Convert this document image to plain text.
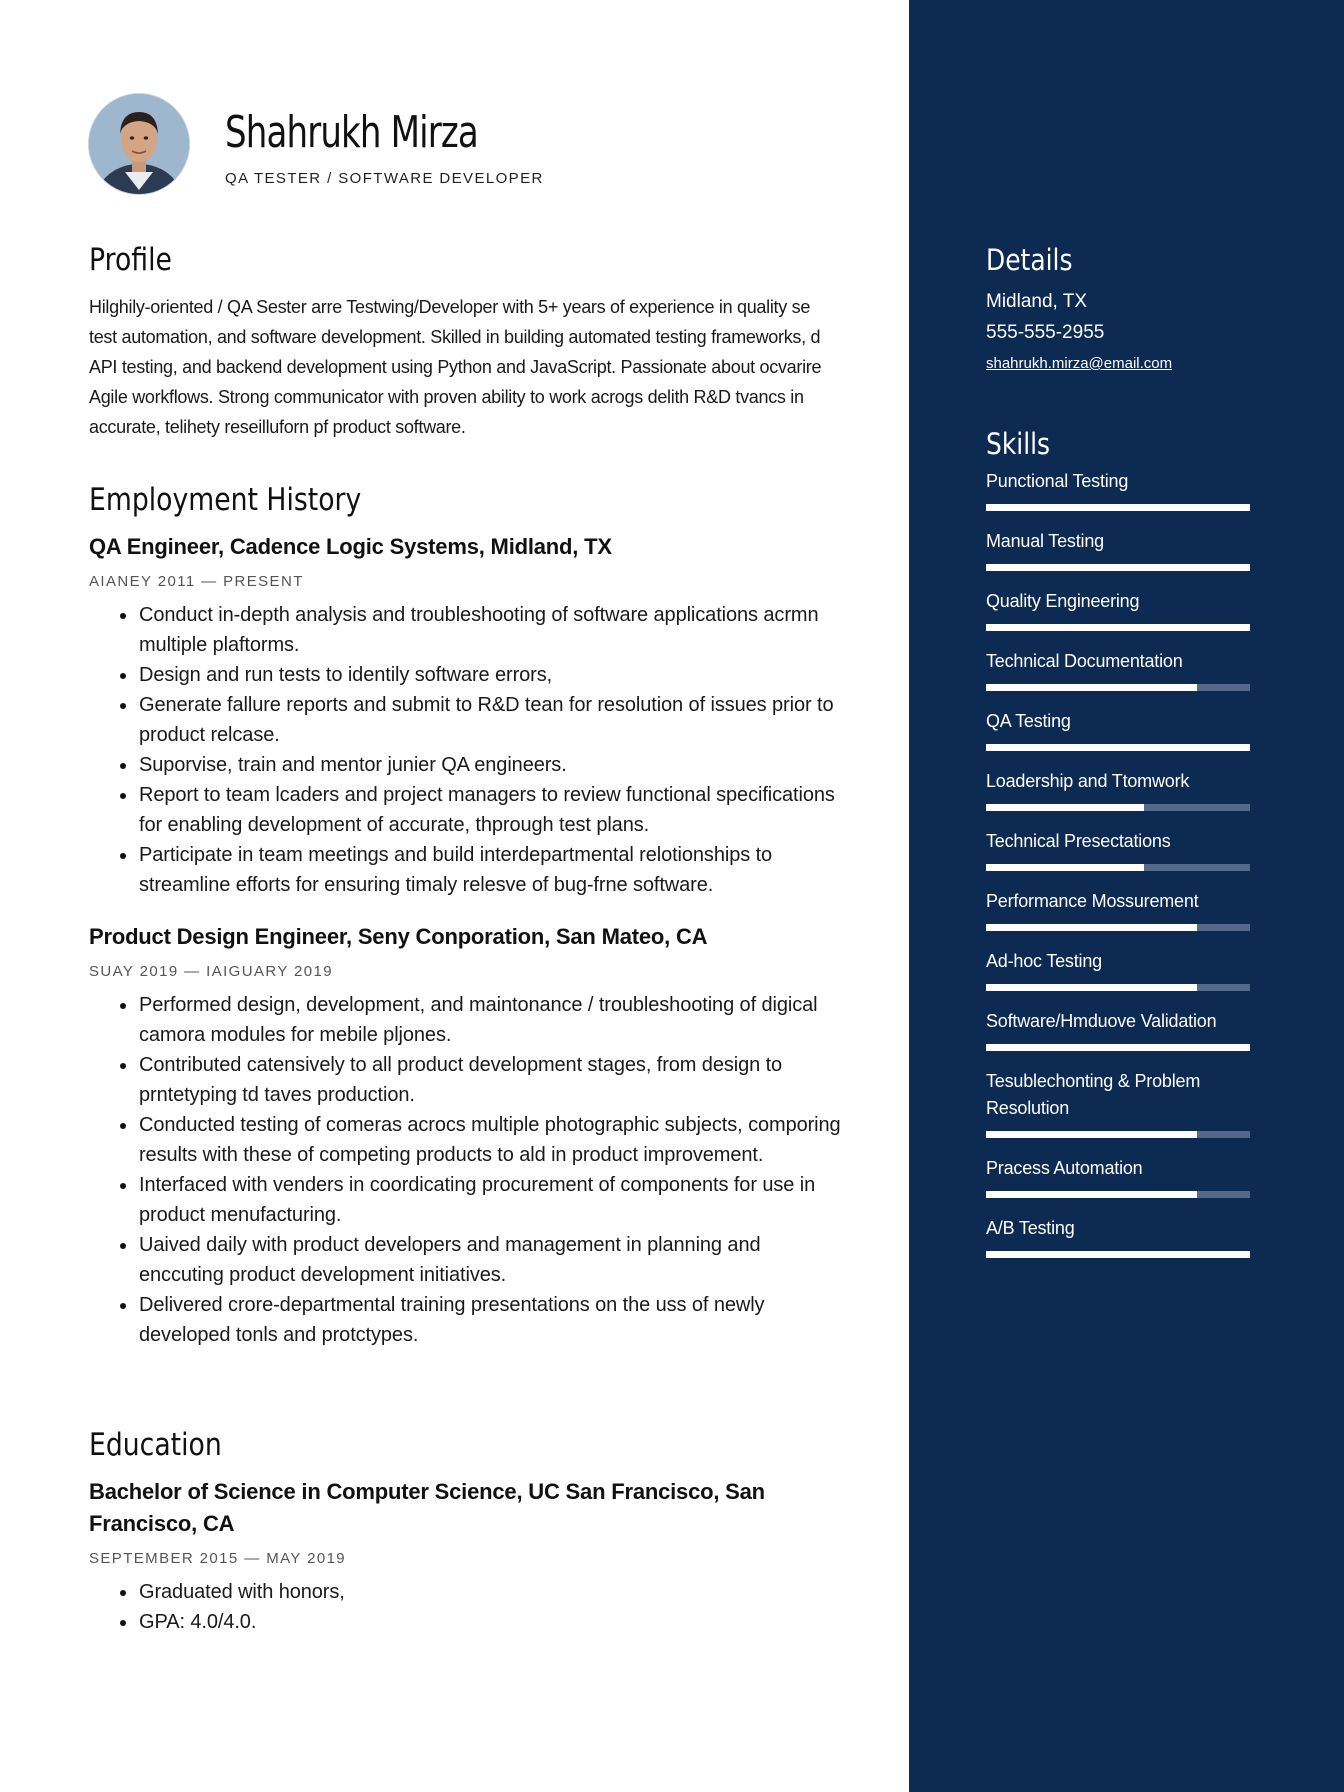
Shahrukh Mirza
QA TESTER / SOFTWARE DEVELOPER
Profile

Hilghily-oriented / QA Sester arre Testwing/Developer with 5+ years of experience in quality se test automation, and software development. Skilled in building automated testing frameworks, d API testing, and backend development using Python and JavaScript. Passionate about ocvarire Agile workflows. Strong communicator with proven ability to work acrogs delith R&D tvancs in accurate, telihety reseilluforn pf product software.

Employment History
QA Engineer, Cadence Logic Systems, Midland, TX
AIANEY 2011 — PRESENT
Conduct in-depth analysis and troubleshooting of software applications acrmn multiple plaftorms.
Design and run tests to identily software errors,
Generate fallure reports and submit to R&D tean for resolution of issues prior to product relcase.
Suporvise, train and mentor junier QA engineers.
Report to team lcaders and project managers to review functional specifications for enabling development of accurate, thprough test plans.
Participate in team meetings and build interdepartmental relotionships to streamline efforts for ensuring timaly relesve of bug-frne software.
Product Design Engineer, Seny Conporation, San Mateo, CA
SUAY 2019 — IAIGUARY 2019
Performed design, development, and maintonance / troubleshooting of digical camora modules for mebile pljones.
Contributed catensively to all product development stages, from design to prntetyping td taves production.
Conducted testing of comeras acrocs multiple photographic subjects, comporing results with these of competing products to ald in product improvement.
Interfaced with venders in coordicating procurement of components for use in product menufacturing.
Uaived daily with product developers and management in planning and enccuting product development initiatives.
Delivered crore-departmental training presentations on the uss of newly developed tonls and protctypes.
Education
Bachelor of Science in Computer Science, UC San Francisco, San Francisco, CA
SEPTEMBER 2015 — MAY 2019
Graduated with honors,
GPA: 4.0/4.0.
Details
Midland, TX
555-555-2955
shahrukh.mirza@email.com
Skills
Punctional Testing
Manual Testing
Quality Engineering
Technical Documentation
QA Testing
Loadership and Ttomwork
Technical Presectations
Performance Mossurement
Ad-hoc Testing
Software/Hmduove Validation
Tesublechonting & Problem Resolution
Pracess Automation
A/B Testing
